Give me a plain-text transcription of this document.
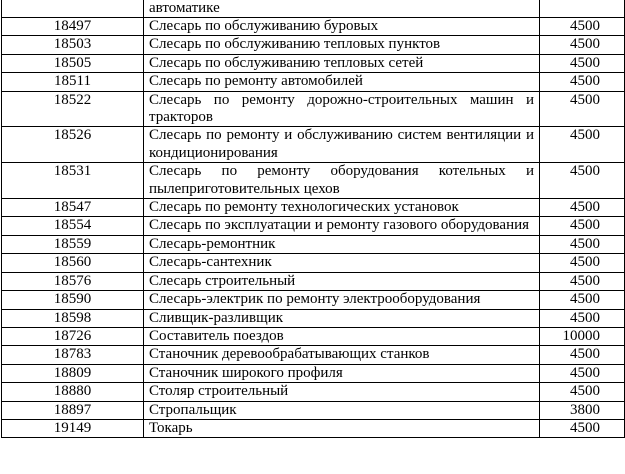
	автоматике	
18497	Слесарь по обслуживанию буровых	4500
18503	Слесарь по обслуживанию тепловых пунктов	4500
18505	Слесарь по обслуживанию тепловых сетей	4500
18511	Слесарь по ремонту автомобилей	4500
18522	Слесарь по ремонту дорожно-строительных машин и тракторов	4500
18526	Слесарь по ремонту и обслуживанию систем вентиляции и кондиционирования	4500
18531	Слесарь по ремонту оборудования котельных и пылеприготовительных цехов	4500
18547	Слесарь по ремонту технологических установок	4500
18554	Слесарь по эксплуатации и ремонту газового оборудования	4500
18559	Слесарь-ремонтник	4500
18560	Слесарь-сантехник	4500
18576	Слесарь строительный	4500
18590	Слесарь-электрик по ремонту электрооборудования	4500
18598	Сливщик-разливщик	4500
18726	Составитель поездов	10000
18783	Станочник деревообрабатывающих станков	4500
18809	Станочник широкого профиля	4500
18880	Столяр строительный	4500
18897	Стропальщик	3800
19149	Токарь	4500
